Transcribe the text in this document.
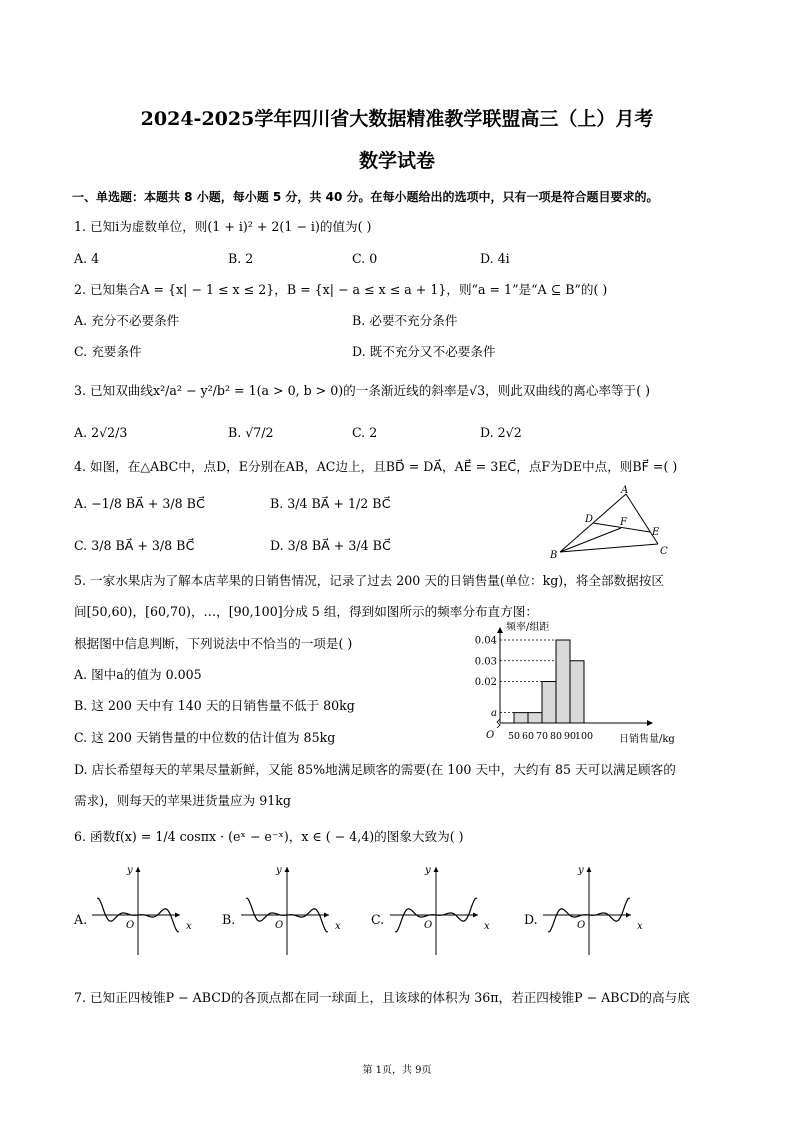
2024-2025学年四川省大数据精准教学联盟高三（上）月考
数学试卷
一、单选题：本题共 8 小题，每小题 5 分，共 40 分。在每小题给出的选项中，只有一项是符合题目要求的。
1. 已知i为虚数单位，则(1 + i)² + 2(1 − i)的值为( )
A. 4	B. 2	C. 0	D. 4i
2. 已知集合A = {x| − 1 ≤ x ≤ 2}，B = {x| − a ≤ x ≤ a + 1}，则“a = 1”是“A ⊆ B”的( )
A. 充分不必要条件	B. 必要不充分条件
C. 充要条件	D. 既不充分又不必要条件
3. 已知双曲线x²/a² − y²/b² = 1(a > 0, b > 0)的一条渐近线的斜率是√3，则此双曲线的离心率等于( )
A. 2√2/3	B. √7/2	C. 2	D. 2√2
4. 如图，在△ABC中，点D，E分别在AB，AC边上，且BD⃗ = DA⃗，AE⃗ = 3EC⃗，点F为DE中点，则BF⃗ =( )
A. −1/8 BA⃗ + 3/8 BC⃗	B. 3/4 BA⃗ + 1/2 BC⃗
C. 3/8 BA⃗ + 3/8 BC⃗	D. 3/8 BA⃗ + 3/4 BC⃗
A
B	C
D
E
F
5. 一家水果店为了解本店苹果的日销售情况，记录了过去 200 天的日销售量(单位：kg)，将全部数据按区
间[50,60)，[60,70)，…，[90,100]分成 5 组，得到如图所示的频率分布直方图：
根据图中信息判断，下列说法中不恰当的一项是( )
A. 图中a的值为 0.005
B. 这 200 天中有 140 天的日销售量不低于 80kg
C. 这 200 天销售量的中位数的估计值为 85kg
D. 店长希望每天的苹果尽量新鲜，又能 85%地满足顾客的需要(在 100 天中，大约有 85 天可以满足顾客的
需求)，则每天的苹果进货量应为 91kg
50 60 70 80 90
100
a
0.02
0.03
0.04
频率/组距
日销售量/kg
O
6. 函数f(x) = 1/4 cosπx · (eˣ − e⁻ˣ)，x ∈ ( − 4,4)的图象大致为( )
A.	B.	C.	D.
x
y
O	x
y
O	x
y
O	x
y
O
7. 已知正四棱锥P − ABCD的各顶点都在同一球面上，且该球的体积为 36π，若正四棱锥P − ABCD的高与底
第 1页，共 9页
